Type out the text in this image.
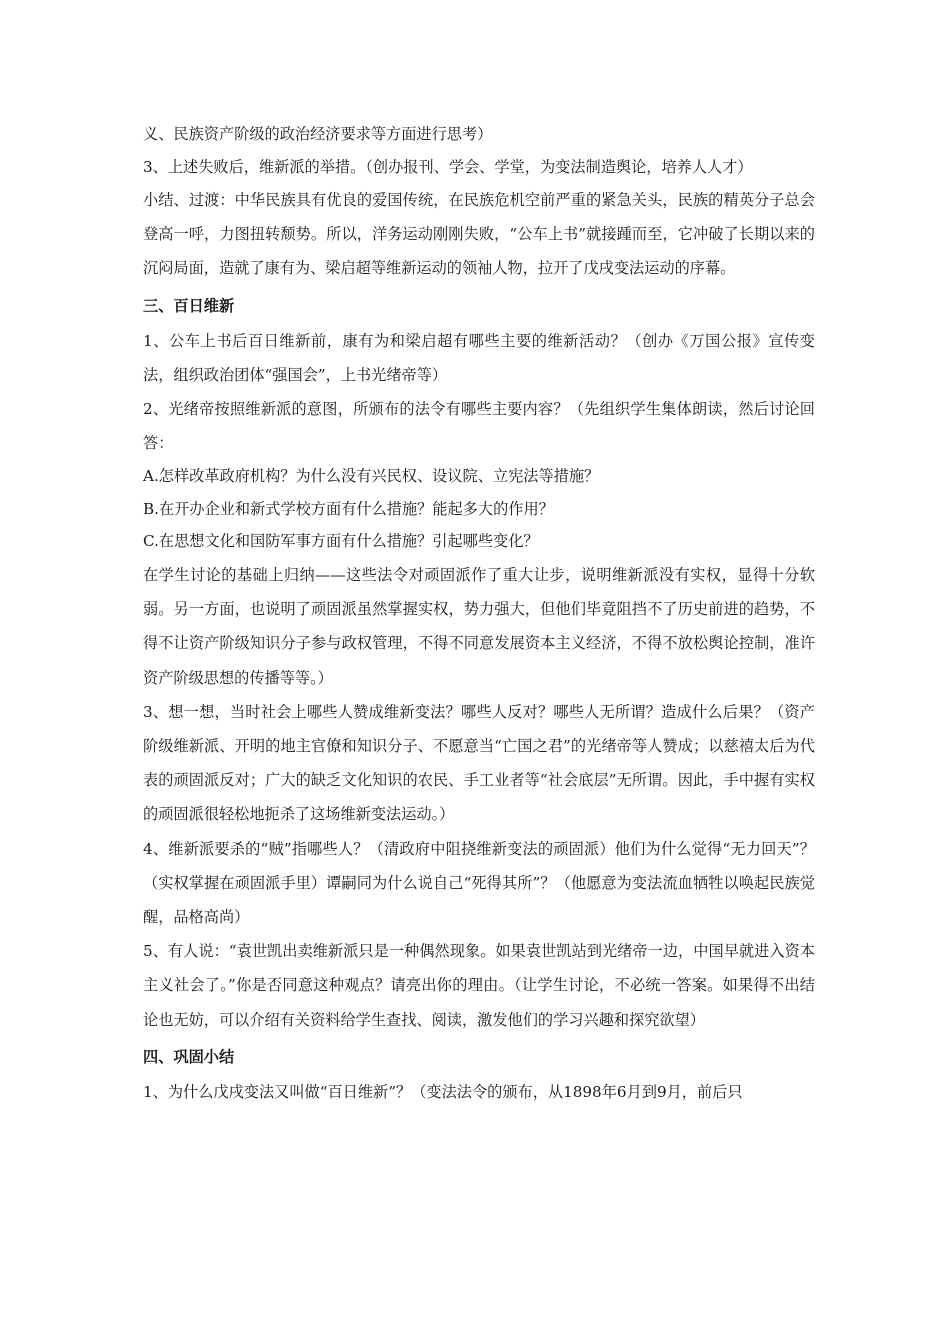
义、民族资产阶级的政治经济要求等方面进行思考）
3、上述失败后，维新派的举措。（创办报刊、学会、学堂，为变法制造舆论，培养人人才）

小结、过渡：中华民族具有优良的爱国传统，在民族危机空前严重的紧急关头，民族的精英分子总会登高一呼，力图扭转颓势。所以，洋务运动刚刚失败，“公车上书”就接踵而至，它冲破了长期以来的沉闷局面，造就了康有为、梁启超等维新运动的领袖人物，拉开了戊戌变法运动的序幕。

三、百日维新

1、公车上书后百日维新前，康有为和梁启超有哪些主要的维新活动？（创办《万国公报》宣传变法，组织政治团体“强国会”，上书光绪帝等）

2、光绪帝按照维新派的意图，所颁布的法令有哪些主要内容？（先组织学生集体朗读，然后讨论回答：

A.怎样改革政府机构？为什么没有兴民权、设议院、立宪法等措施？
B.在开办企业和新式学校方面有什么措施？能起多大的作用？
C.在思想文化和国防军事方面有什么措施？引起哪些变化？

在学生讨论的基础上归纳——这些法令对顽固派作了重大让步，说明维新派没有实权，显得十分软弱。另一方面，也说明了顽固派虽然掌握实权，势力强大，但他们毕竟阻挡不了历史前进的趋势，不得不让资产阶级知识分子参与政权管理，不得不同意发展资本主义经济，不得不放松舆论控制，准许资产阶级思想的传播等等。）

3、想一想，当时社会上哪些人赞成维新变法？哪些人反对？哪些人无所谓？造成什么后果？（资产阶级维新派、开明的地主官僚和知识分子、不愿意当“亡国之君”的光绪帝等人赞成；以慈禧太后为代表的顽固派反对；广大的缺乏文化知识的农民、手工业者等“社会底层”无所谓。因此，手中握有实权的顽固派很轻松地扼杀了这场维新变法运动。）

4、维新派要杀的“贼”指哪些人？（清政府中阻挠维新变法的顽固派）他们为什么觉得“无力回天”？（实权掌握在顽固派手里）谭嗣同为什么说自己“死得其所”？（他愿意为变法流血牺牲以唤起民族觉醒，品格高尚）

5、有人说：“袁世凯出卖维新派只是一种偶然现象。如果袁世凯站到光绪帝一边，中国早就进入资本主义社会了。”你是否同意这种观点？请亮出你的理由。（让学生讨论，不必统一答案。如果得不出结论也无妨，可以介绍有关资料给学生查找、阅读，激发他们的学习兴趣和探究欲望）

四、巩固小结

1、为什么戊戌变法又叫做“百日维新”？（变法法令的颁布，从1898年6月到9月，前后只
